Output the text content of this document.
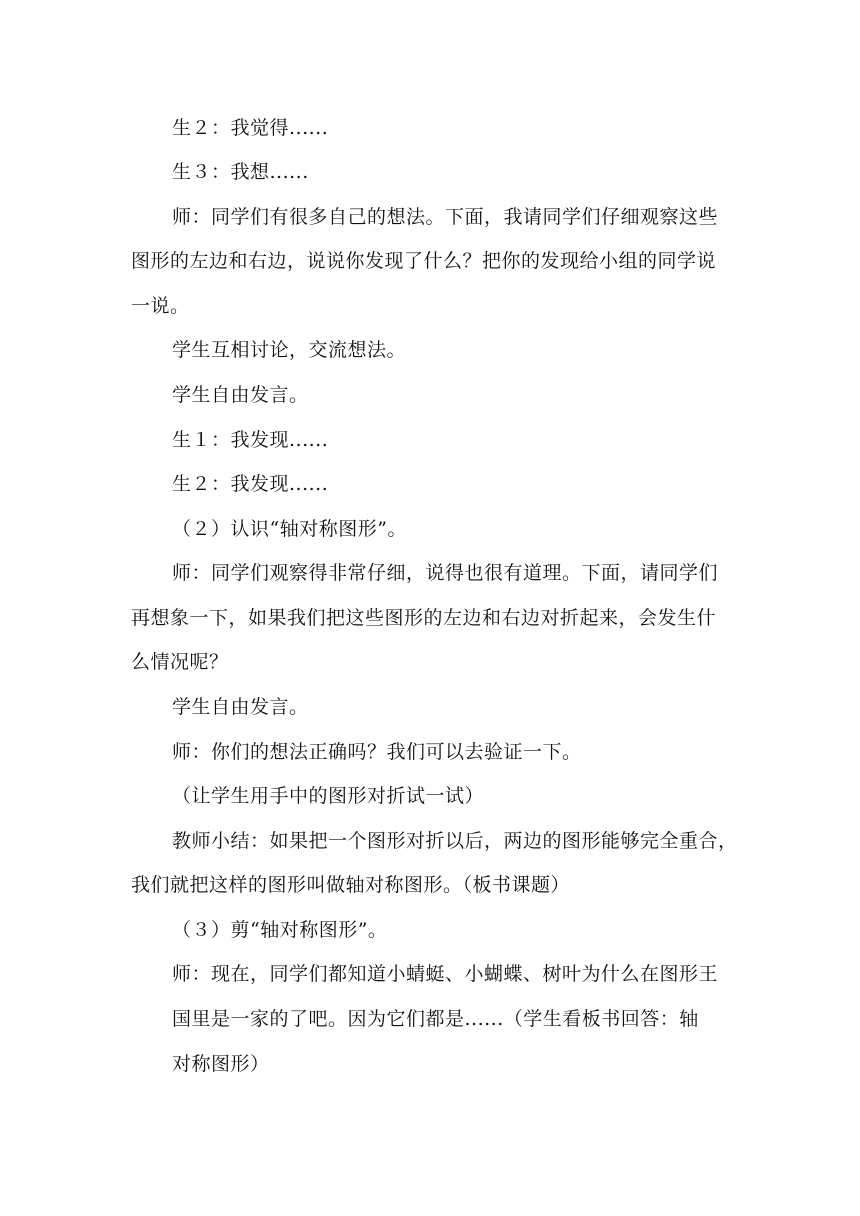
生２：我觉得......
生３：我想......
师：同学们有很多自己的想法。下面，我请同学们仔细观察这些
图形的左边和右边，说说你发现了什么？把你的发现给小组的同学说
一说。
学生互相讨论，交流想法。
学生自由发言。
生１：我发现......
生２：我发现......
（２）认识“轴对称图形”。
师：同学们观察得非常仔细，说得也很有道理。下面，请同学们
再想象一下，如果我们把这些图形的左边和右边对折起来，会发生什
么情况呢？
学生自由发言。
师：你们的想法正确吗？我们可以去验证一下。
（让学生用手中的图形对折试一试）
教师小结：如果把一个图形对折以后，两边的图形能够完全重合，
我们就把这样的图形叫做轴对称图形。（板书课题）
（３）剪“轴对称图形”。
师：现在，同学们都知道小蜻蜓、小蝴蝶、树叶为什么在图形王
国里是一家的了吧。因为它们都是......（学生看板书回答：轴
对称图形）
